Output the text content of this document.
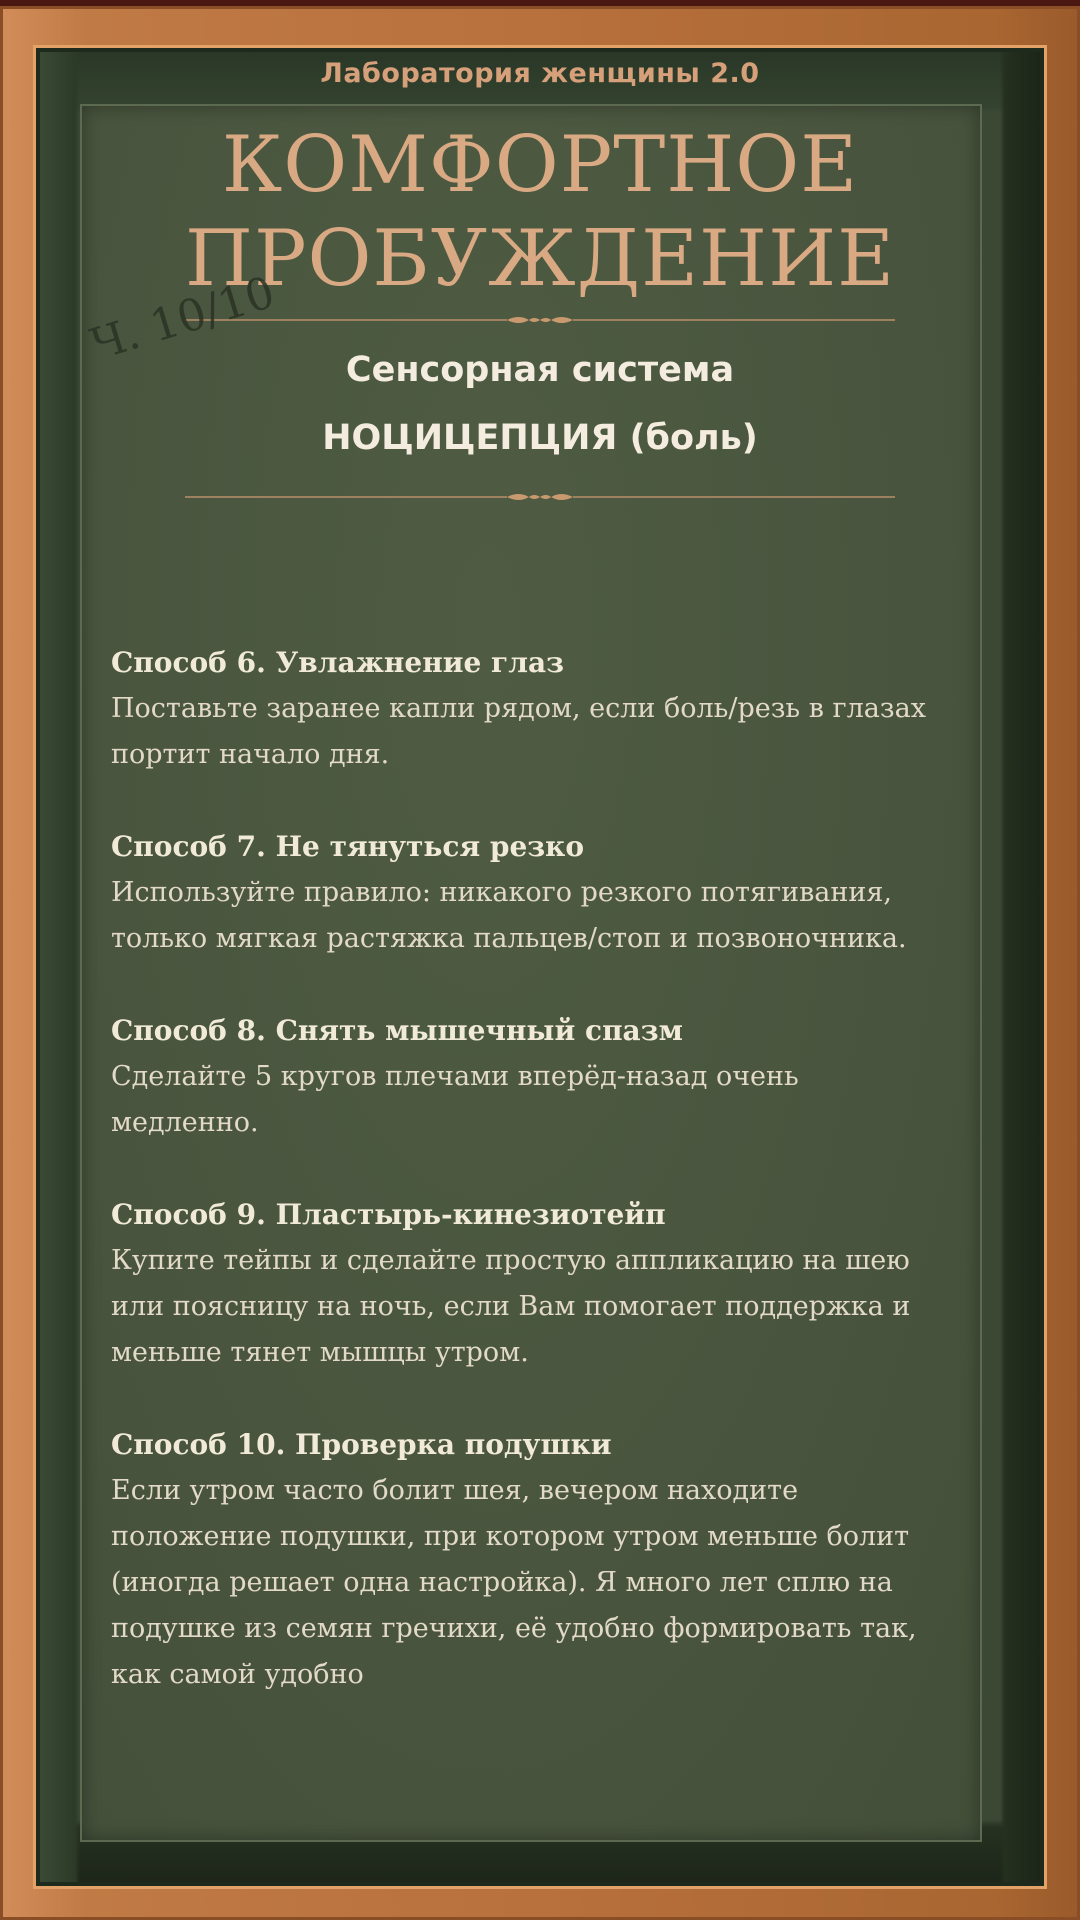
Лаборатория женщины 2.0
КОМФОРТНОЕ
ПРОБУЖДЕНИЕ
Ч. 10/10	Сенсорная система
НОЦИЦЕПЦИЯ (боль)
Способ 6. Увлажнение глаз

Поставьте заранее капли рядом, если боль/резь в глазах портит начало дня.

Способ 7. Не тянуться резко

Используйте правило: никакого резкого потягивания, только мягкая растяжка пальцев/стоп и позвоночника.

Способ 8. Снять мышечный спазм

Сделайте 5 кругов плечами вперёд-назад очень медленно.

Способ 9. Пластырь-кинезиотейп

Купите тейпы и сделайте простую аппликацию на шею или поясницу на ночь, если Вам помогает поддержка и меньше тянет мышцы утром.

Способ 10. Проверка подушки

Если утром часто болит шея, вечером находите положение подушки, при котором утром меньше болит (иногда решает одна настройка). Я много лет сплю на подушке из семян гречихи, её удобно формировать так, как самой удобно
